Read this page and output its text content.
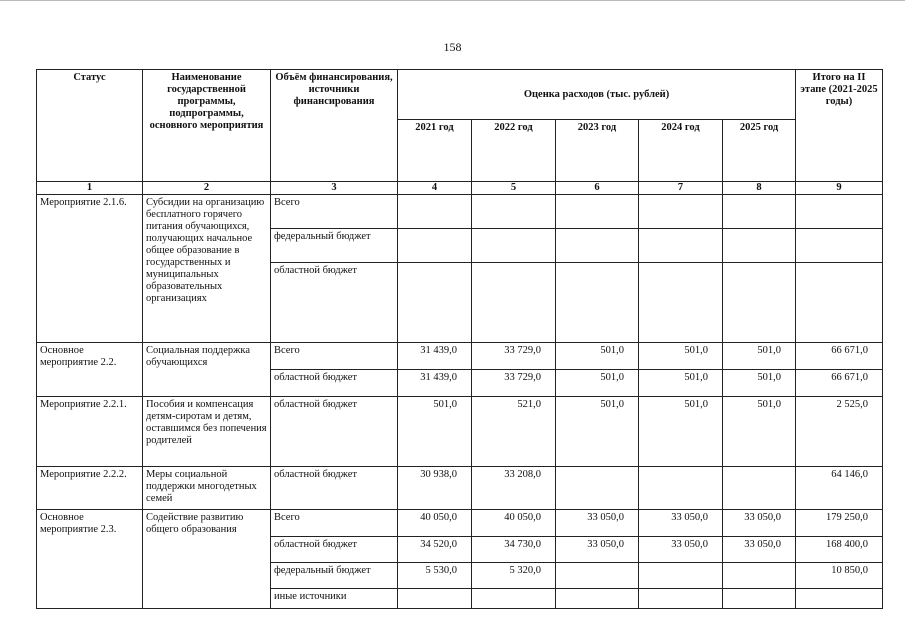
158
Статус	Наименование государственной программы, подпрограммы, основного мероприятия	Объём финансирования, источники финансирования	Оценка расходов (тыс. рублей)					Итого на II этапе (2021-2025 годы)
			2021 год	2022 год	2023 год	2024 год	2025 год	
1	2	3	4	5	6	7	8	9
Мероприятие 2.1.6.	Субсидии на организацию бесплатного горячего питания обучающихся, получающих начальное общее образование в государственных и муниципальных образовательных организациях	Всего						
		федеральный бюджет						
		областной бюджет						
Основное мероприятие 2.2.	Социальная поддержка обучающихся	Всего	31 439,0	33 729,0	501,0	501,0	501,0	66 671,0
		областной бюджет	31 439,0	33 729,0	501,0	501,0	501,0	66 671,0
Мероприятие 2.2.1.	Пособия и компенсация детям-сиротам и детям, оставшимся без попечения родителей	областной бюджет	501,0	521,0	501,0	501,0	501,0	2 525,0
Мероприятие 2.2.2.	Меры социальной поддержки многодетных семей	областной бюджет	30 938,0	33 208,0				64 146,0
Основное мероприятие 2.3.	Содействие развитию общего образования	Всего	40 050,0	40 050,0	33 050,0	33 050,0	33 050,0	179 250,0
		областной бюджет	34 520,0	34 730,0	33 050,0	33 050,0	33 050,0	168 400,0
		федеральный бюджет	5 530,0	5 320,0				10 850,0
		иные источники						
